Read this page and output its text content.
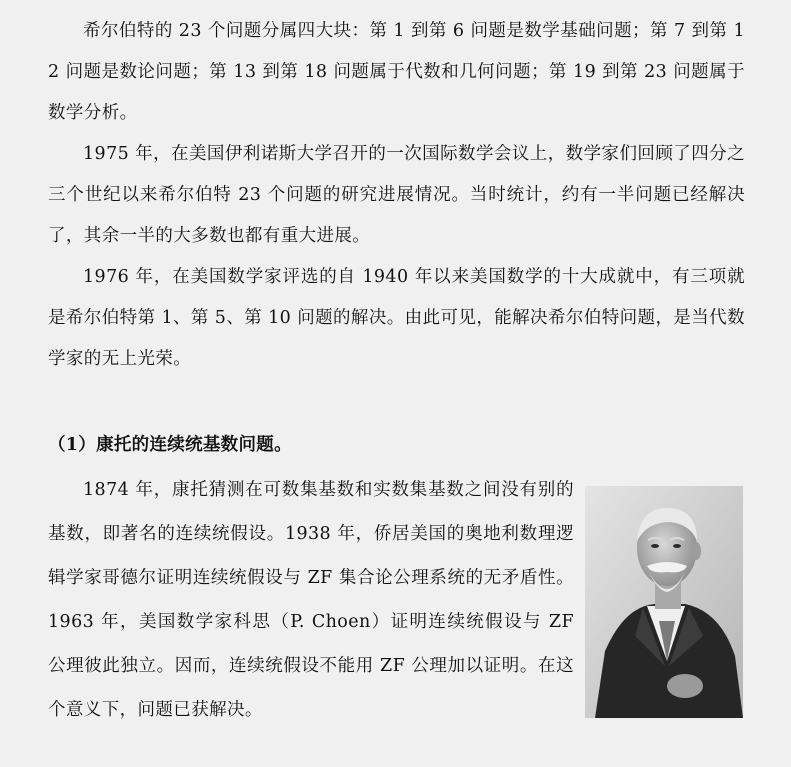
希尔伯特的 23 个问题分属四大块：第 1 到第 6 问题是数学基础问题；第 7 到第 12 问题是数论问题；第 13 到第 18 问题属于代数和几何问题；第 19 到第 23 问题属于数学分析。

1975 年，在美国伊利诺斯大学召开的一次国际数学会议上，数学家们回顾了四分之三个世纪以来希尔伯特 23 个问题的研究进展情况。当时统计，约有一半问题已经解决了，其余一半的大多数也都有重大进展。

1976 年，在美国数学家评选的自 1940 年以来美国数学的十大成就中，有三项就是希尔伯特第 1、第 5、第 10 问题的解决。由此可见，能解决希尔伯特问题，是当代数学家的无上光荣。

（1）康托的连续统基数问题。

1874 年，康托猜测在可数集基数和实数集基数之间没有别的基数，即著名的连续统假设。1938 年，侨居美国的奥地利数理逻辑学家哥德尔证明连续统假设与 ZF 集合论公理系统的无矛盾性。1963 年，美国数学家科思（P. Choen）证明连续统假设与 ZF 公理彼此独立。因而，连续统假设不能用 ZF 公理加以证明。在这个意义下，问题已获解决。
